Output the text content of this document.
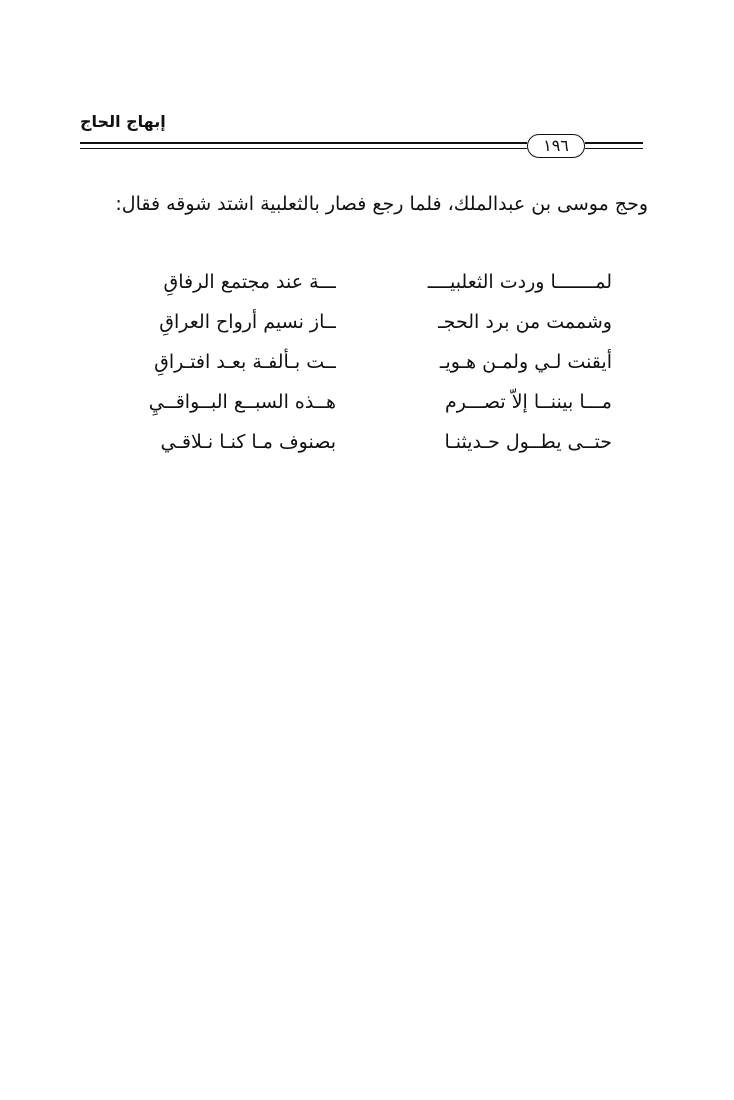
إبهاج الحاج
١٩٦
وحج موسى بن عبدالملك، فلما رجع فصار بالثعلبية اشتد شوقه فقال:
لمـــــــا وردت الثعلبيــــ
ـــة عند مجتمع الرفاقِ
وشممت من برد الحجـ
ــاز نسيم أرواح العراقِ
أيقنت لـي ولمـن هـويـ
ــت بـألفـة بعـد افتـراقِ
مـــا بيننــا إلاّ تصـــرم
هــذه السبــع البــواقــيِ
حتــى يطــول حـديثنـا
بصنوف مـا كنـا نـلاقـي
